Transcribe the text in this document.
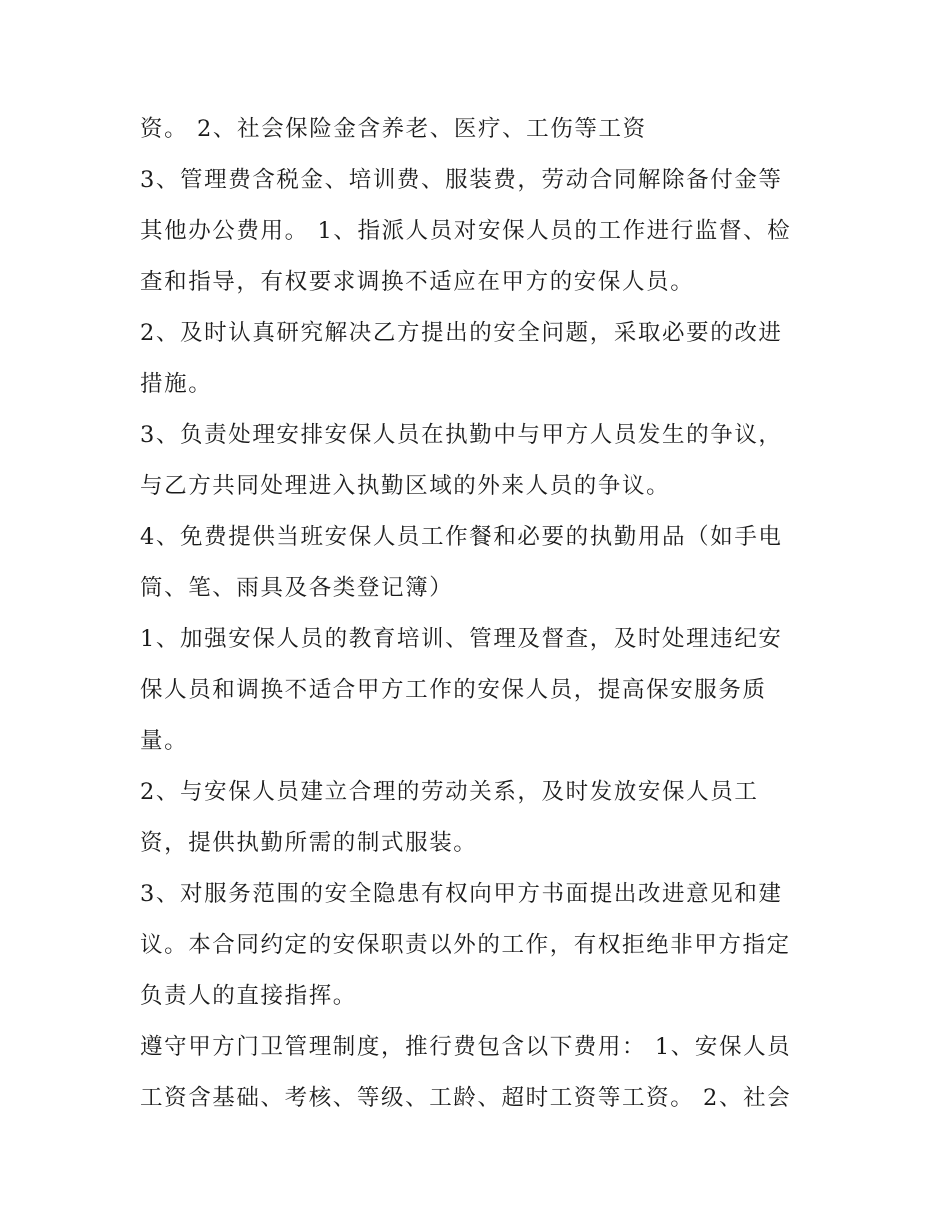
资。 2、社会保险金含养老、医疗、工伤等工资
3、管理费含税金、培训费、服装费，劳动合同解除备付金等
其他办公费用。 1、指派人员对安保人员的工作进行监督、检
查和指导，有权要求调换不适应在甲方的安保人员。
2、及时认真研究解决乙方提出的安全问题，采取必要的改进
措施。
3、负责处理安排安保人员在执勤中与甲方人员发生的争议，
与乙方共同处理进入执勤区域的外来人员的争议。
4、免费提供当班安保人员工作餐和必要的执勤用品（如手电
筒、笔、雨具及各类登记簿）
1、加强安保人员的教育培训、管理及督查，及时处理违纪安
保人员和调换不适合甲方工作的安保人员，提高保安服务质
量。
2、与安保人员建立合理的劳动关系，及时发放安保人员工
资，提供执勤所需的制式服装。
3、对服务范围的安全隐患有权向甲方书面提出改进意见和建
议。本合同约定的安保职责以外的工作，有权拒绝非甲方指定
负责人的直接指挥。
遵守甲方门卫管理制度，推行费包含以下费用： 1、安保人员
工资含基础、考核、等级、工龄、超时工资等工资。 2、社会
